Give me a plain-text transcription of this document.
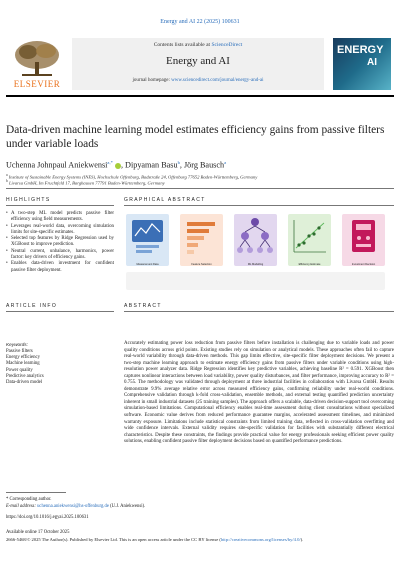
Energy and AI 22 (2025) 100631
ELSEVIER
Contents lists available at ScienceDirect
Energy and AI
journal homepage: www.sciencedirect.com/journal/energy-and-ai
ENERGY
AI
Data-driven machine learning model estimates efficiency gains from passive filters under variable loads
Uchenna Johnpaul Aniekwensi$^{a,*}$ , Dipyaman Basu$^b$, Jörg Bausch$^a$
$^a$ Institute of Sustainable Energy Systems (INES), Hochschule Offenburg, Badstraße 24, Offenburg 77652 Baden-Württemberg, Germany
$^b$ Livarsa GmbH, Im Fruchtfeld 17, Barghausen 77791 Baden-Württemberg, Germany
HIGHLIGHTS
• A two-step ML model predicts passive filter efficiency using field measurements.
• Leverages real-world data, overcoming simulation limits for site-specific estimates.
• Selected top features by Ridge Regression used by XGBoost to improve prediction.
• Neutral current, unbalance, harmonics, power factor: key drivers of efficiency gains.
• Enables data-driven investment for confident passive filter deployment.
GRAPHICAL ABSTRACT
Measurement Data	Feature Selection	ML Modelling	Efficiency Estimate	Investment Decision
ARTICLE INFO
Keywords:
Passive filters
Energy efficiency
Machine learning
Power quality
Predictive analytics
Data-driven model
ABSTRACT

Accurately estimating power loss reduction from passive filters before installation is challenging due to variable loads and power quality conditions across grid points. Existing studies rely on simulation or analytical models. These approaches often fail to capture real-world variability through data-driven methods. This gap limits effective, site-specific filter deployment decisions. We present a two-step machine learning approach to estimate energy efficiency gains from passive filters under variable conditions using high-resolution power analyzer data. Ridge Regression identifies key predictive variables, achieving baseline R² = 0.591. XGBoost then captures nonlinear interactions between load variability, power quality disturbances, and filter performance, improving accuracy to R² = 0.755. The methodology was validated through deployment at three industrial facilities in collaboration with Livarsa GmbH. Results demonstrate 9.9% average relative error across measured efficiency gains, confirming reliability under real-world conditions. Comprehensive validation through k-fold cross-validation, ensemble methods, and external testing quantified prediction uncertainty inherent in small industrial datasets (25 training samples). The approach offers a scalable, data-driven decision-support tool overcoming simulation-based limitations. Computational efficiency enables real-time assessment during client consultations without specialized software. Economic value derives from reduced performance guarantee margins, accelerated assessment timelines, and minimized warranty exposure. Limitations include statistical constraints from limited training data, reflected in cross-validation overfitting and wide confidence intervals. External validity requires site-specific validation for facilities with substantially different electrical characteristics. Despite these constraints, the findings provide practical value for energy professionals seeking efficient power quality solutions, enabling confident passive filter deployment decisions based on quantified performance predictions.

* Corresponding author.
E-mail address: uchenna.aniekwensi@hs-offenburg.de (U.J. Aniekwensi).
https://doi.org/10.1016/j.egyai.2025.100631
Available online 17 October 2025
2666-5468/© 2025 The Author(s). Published by Elsevier Ltd. This is an open access article under the CC BY license (http://creativecommons.org/licenses/by/4.0/).
